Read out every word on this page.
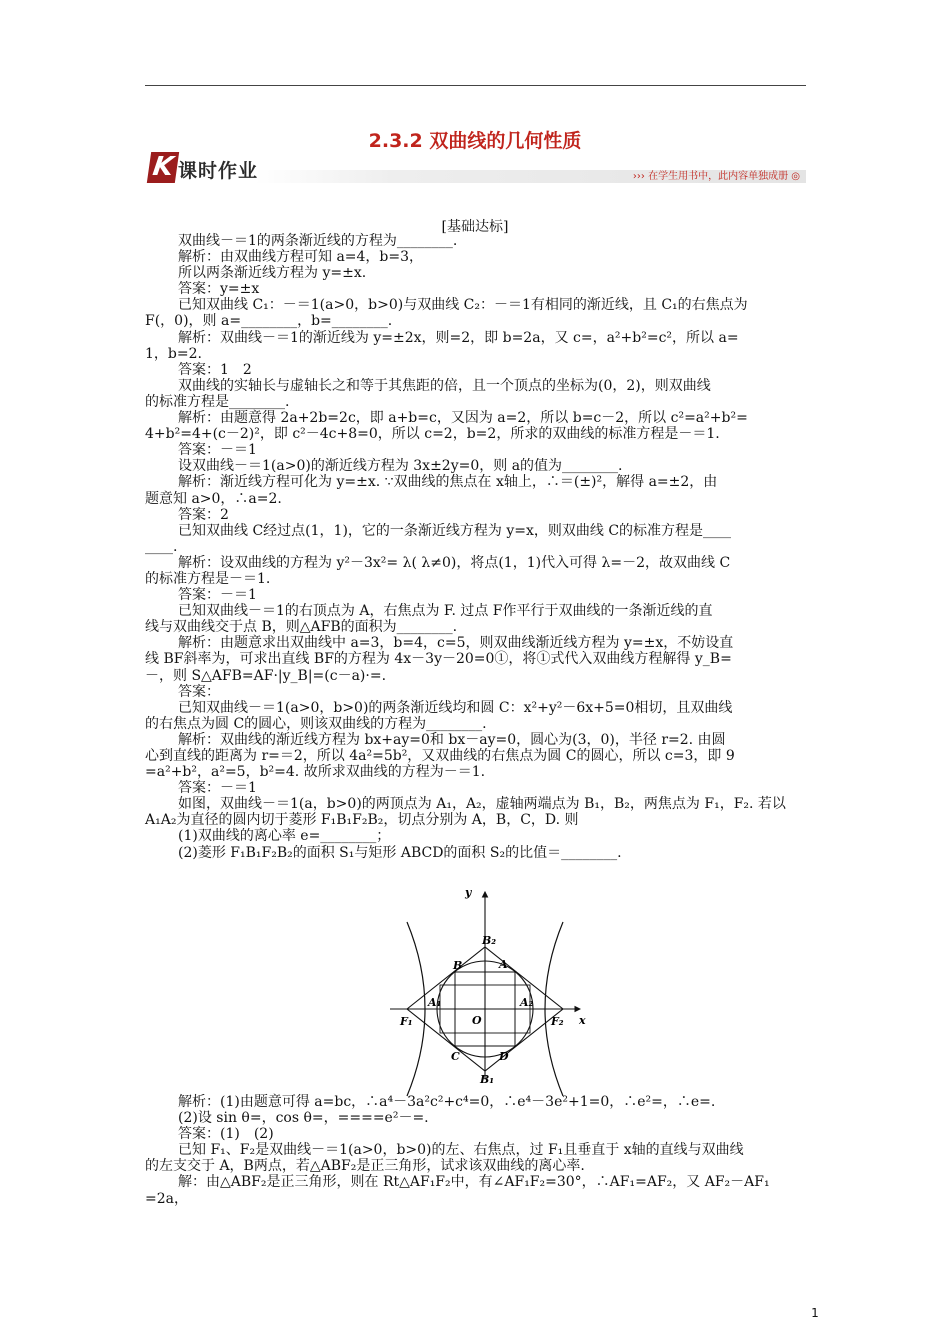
2.3.2 双曲线的几何性质
K 课时作业	››› 在学生用书中，此内容单独成册 ◎
[基础达标]

双曲线－＝1的两条渐近线的方程为________.

解析：由双曲线方程可知 a=4，b=3，

所以两条渐近线方程为 y=±x.

答案：y=±x

已知双曲线 C₁：－＝1(a>0，b>0)与双曲线 C₂：－＝1有相同的渐近线，且 C₁的右焦点为

F(，0)，则 a=________，b=________.

解析：双曲线－＝1的渐近线为 y=±2x，则=2，即 b=2a，又 c=，a²+b²=c²，所以 a=

1，b=2.

答案：1　2

双曲线的实轴长与虚轴长之和等于其焦距的倍，且一个顶点的坐标为(0，2)，则双曲线

的标准方程是________.

解析：由题意得 2a+2b=2c，即 a+b=c，又因为 a=2，所以 b=c－2，所以 c²=a²+b²=

4+b²=4+(c－2)²，即 c²－4c+8=0，所以 c=2，b=2，所求的双曲线的标准方程是－＝1.

答案：－＝1

设双曲线－＝1(a>0)的渐近线方程为 3x±2y=0，则 a的值为________.

解析：渐近线方程可化为 y=±x. ∵双曲线的焦点在 x轴上，∴＝(±)²，解得 a=±2，由

题意知 a>0，∴a=2.

答案：2

已知双曲线 C经过点(1，1)，它的一条渐近线方程为 y=x，则双曲线 C的标准方程是____

____.

解析：设双曲线的方程为 y²－3x²= λ( λ≠0)，将点(1，1)代入可得 λ=－2，故双曲线 C

的标准方程是－＝1.

答案：－＝1

已知双曲线－＝1的右顶点为 A，右焦点为 F. 过点 F作平行于双曲线的一条渐近线的直

线与双曲线交于点 B，则△AFB的面积为________.

解析：由题意求出双曲线中 a=3，b=4，c=5，则双曲线渐近线方程为 y=±x，不妨设直

线 BF斜率为，可求出直线 BF的方程为 4x－3y－20=0①，将①式代入双曲线方程解得 y_B=

－，则 S△AFB=AF·|y_B|=(c－a)·=.

答案：

已知双曲线－＝1(a>0，b>0)的两条渐近线均和圆 C：x²+y²－6x+5=0相切，且双曲线

的右焦点为圆 C的圆心，则该双曲线的方程为________.

解析：双曲线的渐近线方程为 bx+ay=0和 bx－ay=0，圆心为(3，0)，半径 r=2. 由圆

心到直线的距离为 r=＝2，所以 4a²=5b²，又双曲线的右焦点为圆 C的圆心，所以 c=3，即 9

=a²+b²，a²=5，b²=4. 故所求双曲线的方程为－＝1.

答案：－＝1

如图，双曲线－＝1(a，b>0)的两顶点为 A₁，A₂，虚轴两端点为 B₁，B₂，两焦点为 F₁，F₂. 若以

A₁A₂为直径的圆内切于菱形 F₁B₁F₂B₂，切点分别为 A，B，C，D. 则

(1)双曲线的离心率 e=________；

(2)菱形 F₁B₁F₂B₂的面积 S₁与矩形 ABCD的面积 S₂的比值＝________.

y
x
O
B	A
C	D
B₂
B₁
A₁	A₂
F₁	F₂

解析：(1)由题意可得 a=bc，∴a⁴－3a²c²+c⁴=0，∴e⁴－3e²+1=0，∴e²=，∴e=.

(2)设 sin θ=，cos θ=，====e²－=.

答案：(1)　(2)

已知 F₁、F₂是双曲线－＝1(a>0，b>0)的左、右焦点，过 F₁且垂直于 x轴的直线与双曲线

的左支交于 A，B两点，若△ABF₂是正三角形，试求该双曲线的离心率.

解：由△ABF₂是正三角形，则在 Rt△AF₁F₂中，有∠AF₁F₂=30°，∴AF₁=AF₂，又 AF₂－AF₁

=2a，

1
